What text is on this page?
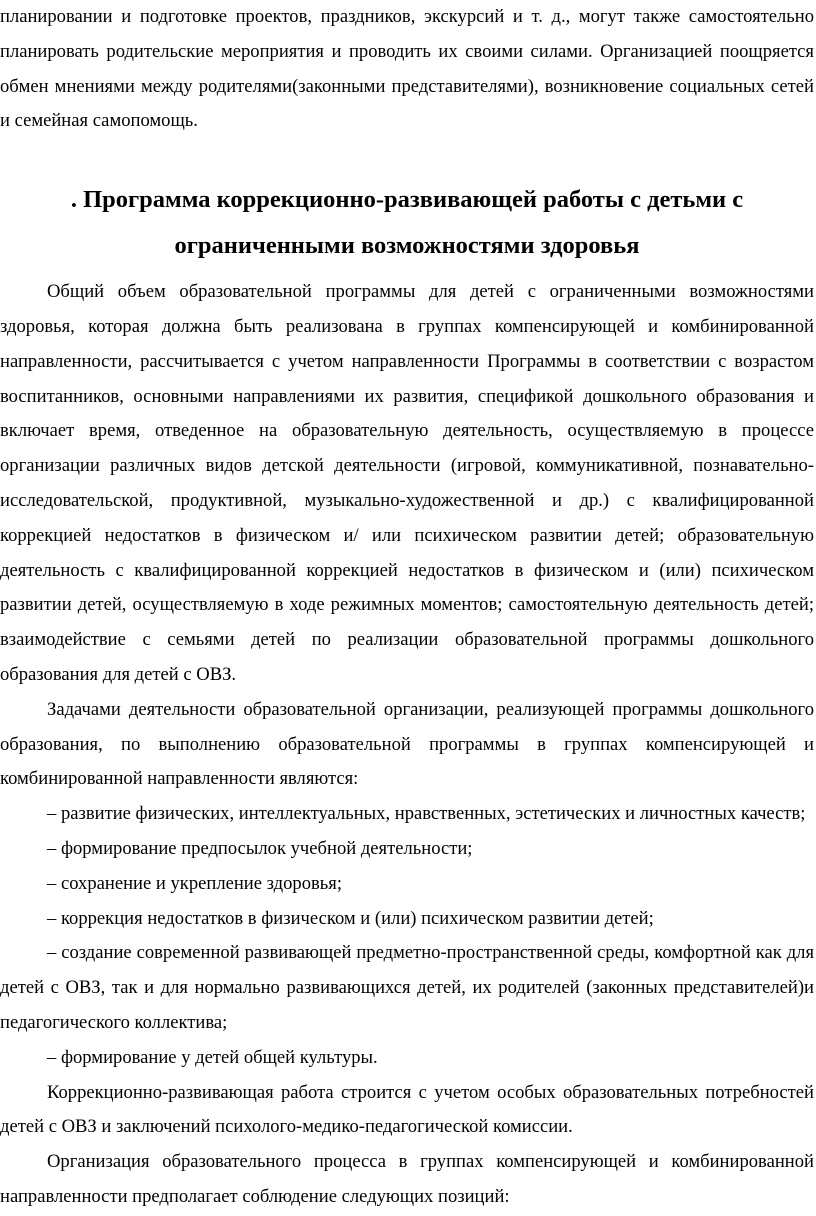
планировании и подготовке проектов, праздников, экскурсий и т. д., могут также самостоятельно планировать родительские мероприятия и проводить их своими силами. Организацией поощряется обмен мнениями между родителями(законными представителями), возникновение социальных сетей и семейная самопомощь.

. Программа коррекционно-развивающей работы с детьми с
ограниченными возможностями здоровья

Общий объем образовательной программы для детей с ограниченными возможностями здоровья, которая должна быть реализована в группах компенсирующей и комбинированной направленности, рассчитывается с учетом направленности Программы в соответствии с возрастом воспитанников, основными направлениями их развития, спецификой дошкольного образования и включает время, отведенное на образовательную деятельность, осуществляемую в процессе организации различных видов детской деятельности (игровой, коммуникативной, познавательно-исследовательской, продуктивной, музыкально-художественной и др.) с квалифицированной коррекцией недостатков в физическом и/ или психическом развитии детей; образовательную деятельность с квалифицированной коррекцией недостатков в физическом и (или) психическом развитии детей, осуществляемую в ходе режимных моментов; самостоятельную деятельность детей; взаимодействие с семьями детей по реализации образовательной программы дошкольного образования для детей с ОВЗ.

Задачами деятельности образовательной организации, реализующей программы дошкольного образования, по выполнению образовательной программы в группах компенсирующей и комбинированной направленности являются:

– развитие физических, интеллектуальных, нравственных, эстетических и личностных качеств;

– формирование предпосылок учебной деятельности;

– сохранение и укрепление здоровья;

– коррекция недостатков в физическом и (или) психическом развитии детей;

– создание современной развивающей предметно-пространственной среды, комфортной как для детей с ОВЗ, так и для нормально развивающихся детей, их родителей (законных представителей)и педагогического коллектива;

– формирование у детей общей культуры.

Коррекционно-развивающая работа строится с учетом особых образовательных потребностей детей с ОВЗ и заключений психолого-медико-педагогической комиссии.

Организация образовательного процесса в группах компенсирующей и комбинированной направленности предполагает соблюдение следующих позиций:
